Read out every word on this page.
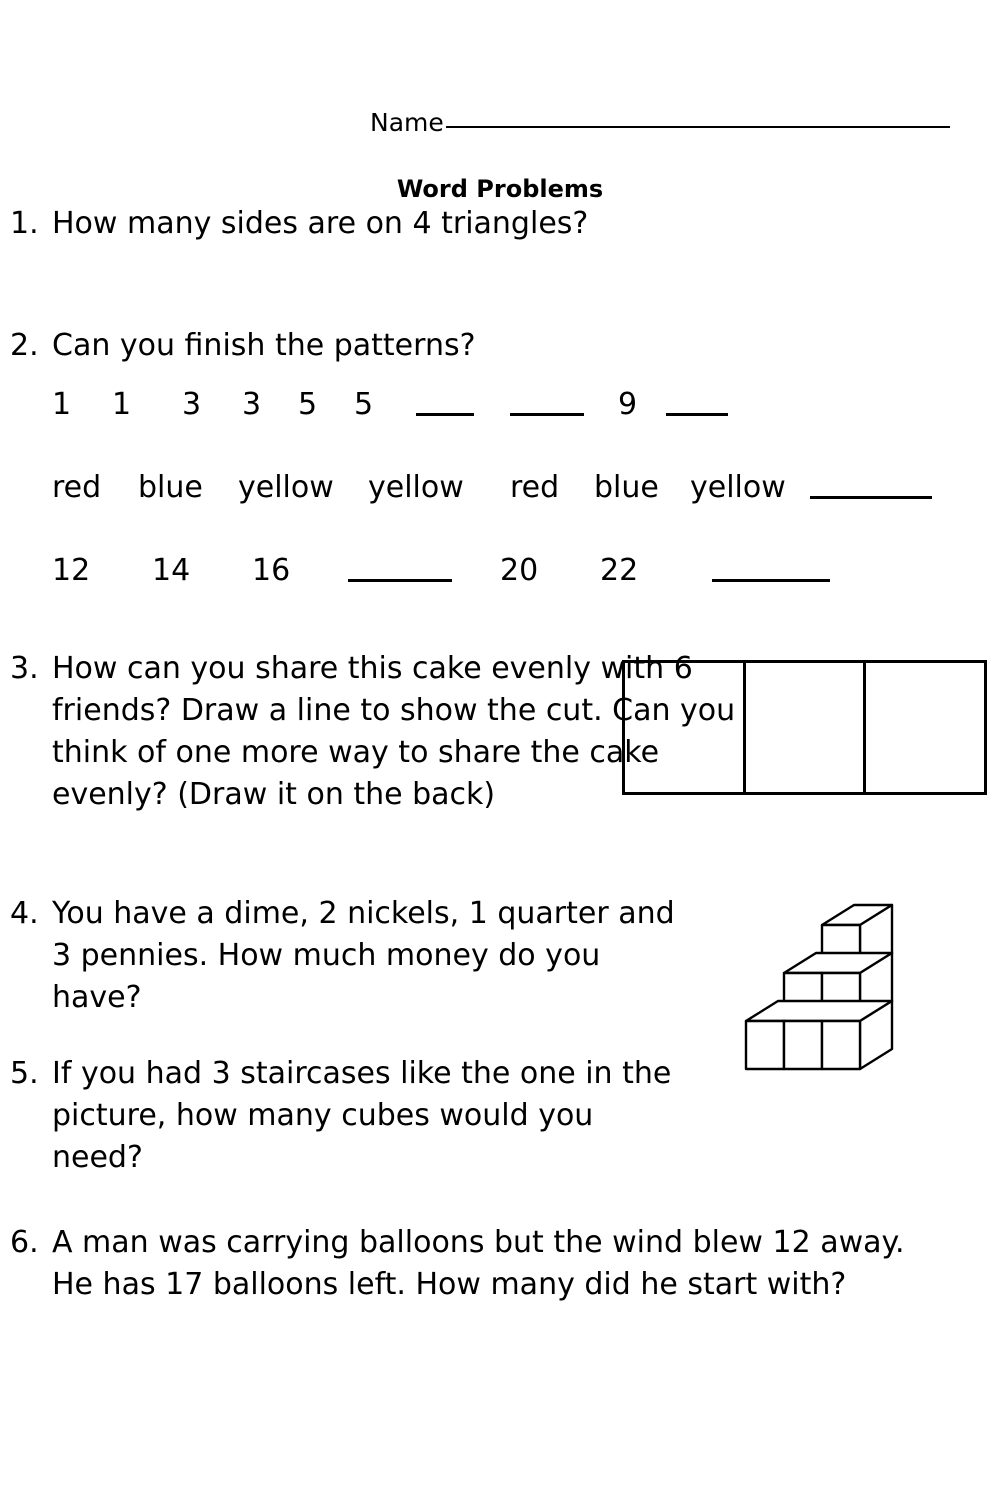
Name
Word Problems
1. How many sides are on 4 triangles?
2. Can you finish the patterns?

1	1	3	3	5	5	9
red	blue	yellow	yellow	red	blue	yellow
12	14	16	20	22
3. How can you share this cake evenly with 6 friends? Draw a line to show the cut. Can you think of one more way to share the cake evenly? (Draw it on the back)
4. You have a dime, 2 nickels, 1 quarter and 3 pennies. How much money do you have?
5. If you had 3 staircases like the one in the picture, how many cubes would you need?
6. A man was carrying balloons but the wind blew 12 away. He has 17 balloons left. How many did he start with?
